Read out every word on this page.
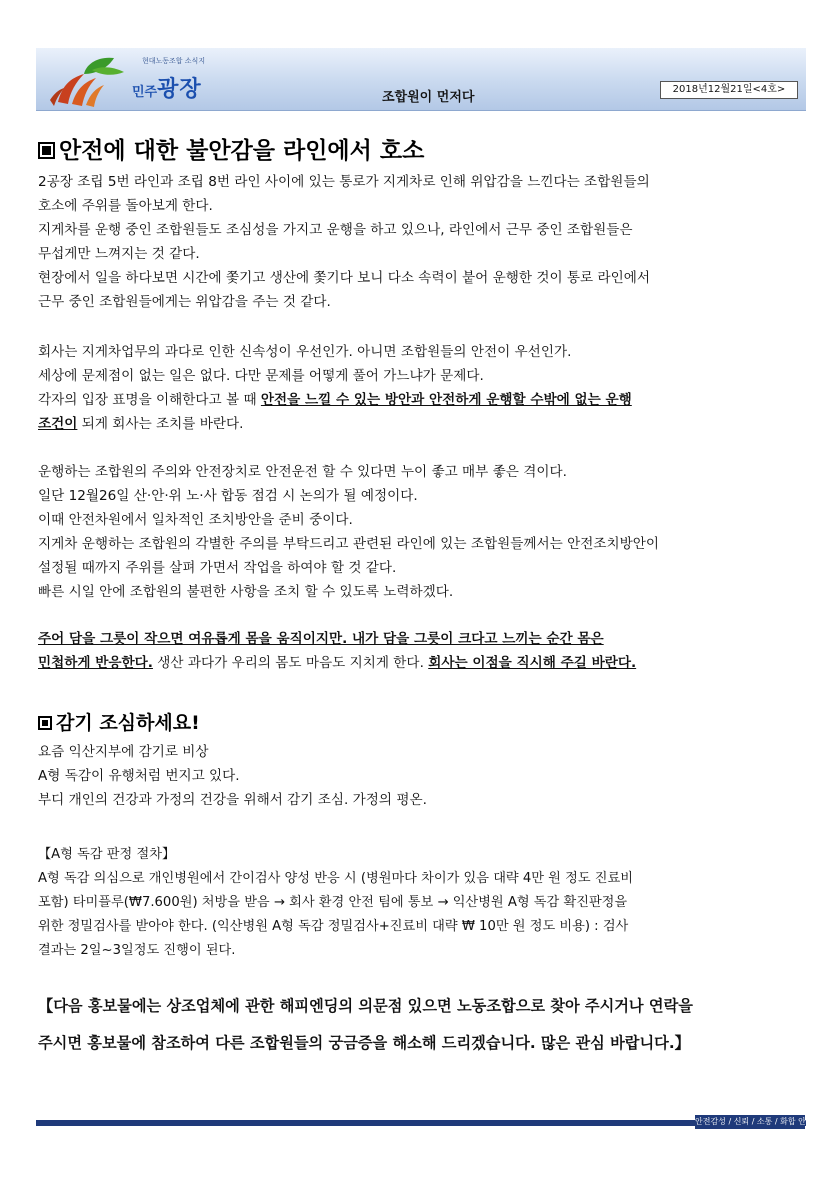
현대노동조합 소식지
민주광장	조합원이 먼저다
2018년12월21일<4호>
안전에 대한 불안감을 라인에서 호소
2공장 조립 5번 라인과 조립 8번 라인 사이에 있는 통로가 지게차로 인해 위압감을 느낀다는 조합원들의
호소에 주위를 돌아보게 한다.
지게차를 운행 중인 조합원들도 조심성을 가지고 운행을 하고 있으나, 라인에서 근무 중인 조합원들은
무섭게만 느껴지는 것 같다.
현장에서 일을 하다보면 시간에 쫓기고 생산에 쫓기다 보니 다소 속력이 붙어 운행한 것이 통로 라인에서
근무 중인 조합원들에게는 위압감을 주는 것 같다.
회사는 지게차업무의 과다로 인한 신속성이 우선인가. 아니면 조합원들의 안전이 우선인가.
세상에 문제점이 없는 일은 없다. 다만 문제를 어떻게 풀어 가느냐가 문제다.
각자의 입장 표명을 이해한다고 볼 때 안전을 느낄 수 있는 방안과 안전하게 운행할 수밖에 없는 운행
조건이 되게 회사는 조치를 바란다.
운행하는 조합원의 주의와 안전장치로 안전운전 할 수 있다면 누이 좋고 매부 좋은 격이다.
일단 12월26일 산·안·위 노·사 합동 점검 시 논의가 될 예정이다.
이때 안전차원에서 일차적인 조치방안을 준비 중이다.
지게차 운행하는 조합원의 각별한 주의를 부탁드리고 관련된 라인에 있는 조합원들께서는 안전조치방안이
설정될 때까지 주위를 살펴 가면서 작업을 하여야 할 것 같다.
빠른 시일 안에 조합원의 불편한 사항을 조치 할 수 있도록 노력하겠다.
주어 담을 그릇이 작으면 여유롭게 몸을 움직이지만. 내가 담을 그릇이 크다고 느끼는 순간 몸은
민첩하게 반응한다. 생산 과다가 우리의 몸도 마음도 지치게 한다. 회사는 이점을 직시해 주길 바란다.
감기 조심하세요!
요즘 익산지부에 감기로 비상
A형 독감이 유행처럼 번지고 있다.
부디 개인의 건강과 가정의 건강을 위해서 감기 조심. 가정의 평온.
【A형 독감 판정 절차】
A형 독감 의심으로 개인병원에서 간이검사 양성 반응 시 (병원마다 차이가 있음 대략 4만 원 정도 진료비
포함) 타미플루(₩7.600원) 처방을 받음 → 회사 환경 안전 팀에 통보 → 익산병원 A형 독감 확진판정을
위한 정밀검사를 받아야 한다. (익산병원 A형 독감 정밀검사+진료비 대략 ₩ 10만 원 정도 비용) : 검사
결과는 2일~3일정도 진행이 된다.
【다음 홍보물에는 상조업체에 관한 해피엔딩의 의문점 있으면 노동조합으로 찾아 주시거나 연락을
주시면 홍보물에 참조하여 다른 조합원들의 궁금증을 해소해 드리겠습니다. 많은 관심 바랍니다.】
안전감성 / 신뢰 / 소통 / 화합 안전
